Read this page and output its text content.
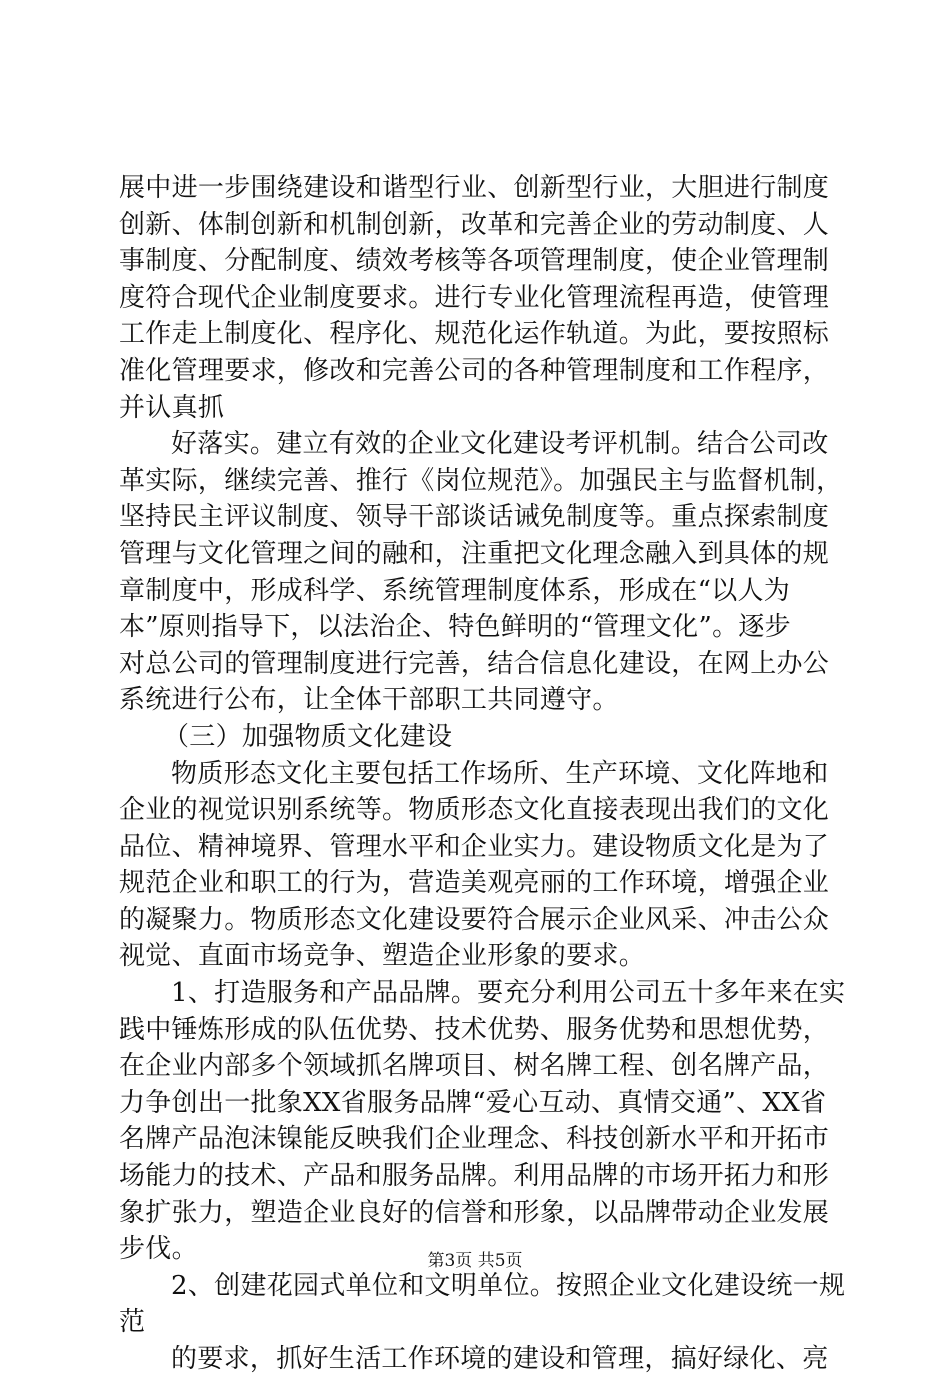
展中进一步围绕建设和谐型行业、创新型行业，大胆进行制度
创新、体制创新和机制创新，改革和完善企业的劳动制度、人
事制度、分配制度、绩效考核等各项管理制度，使企业管理制
度符合现代企业制度要求。进行专业化管理流程再造，使管理
工作走上制度化、程序化、规范化运作轨道。为此，要按照标
准化管理要求，修改和完善公司的各种管理制度和工作程序，
并认真抓
好落实。建立有效的企业文化建设考评机制。结合公司改
革实际，继续完善、推行《岗位规范》。加强民主与监督机制，
坚持民主评议制度、领导干部谈话诫免制度等。重点探索制度
管理与文化管理之间的融和，注重把文化理念融入到具体的规
章制度中，形成科学、系统管理制度体系，形成在“以人为
本”原则指导下，以法治企、特色鲜明的“管理文化”。逐步
对总公司的管理制度进行完善，结合信息化建设，在网上办公
系统进行公布，让全体干部职工共同遵守。
（三）加强物质文化建设
物质形态文化主要包括工作场所、生产环境、文化阵地和
企业的视觉识别系统等。物质形态文化直接表现出我们的文化
品位、精神境界、管理水平和企业实力。建设物质文化是为了
规范企业和职工的行为，营造美观亮丽的工作环境，增强企业
的凝聚力。物质形态文化建设要符合展示企业风采、冲击公众
视觉、直面市场竞争、塑造企业形象的要求。
1、打造服务和产品品牌。要充分利用公司五十多年来在实
践中锤炼形成的队伍优势、技术优势、服务优势和思想优势，
在企业内部多个领域抓名牌项目、树名牌工程、创名牌产品，
力争创出一批象XX省服务品牌“爱心互动、真情交通”、XX省
名牌产品泡沫镍能反映我们企业理念、科技创新水平和开拓市
场能力的技术、产品和服务品牌。利用品牌的市场开拓力和形
象扩张力，塑造企业良好的信誉和形象，以品牌带动企业发展
步伐。
2、创建花园式单位和文明单位。按照企业文化建设统一规
范
的要求，抓好生活工作环境的建设和管理，搞好绿化、亮
第3页 共5页
